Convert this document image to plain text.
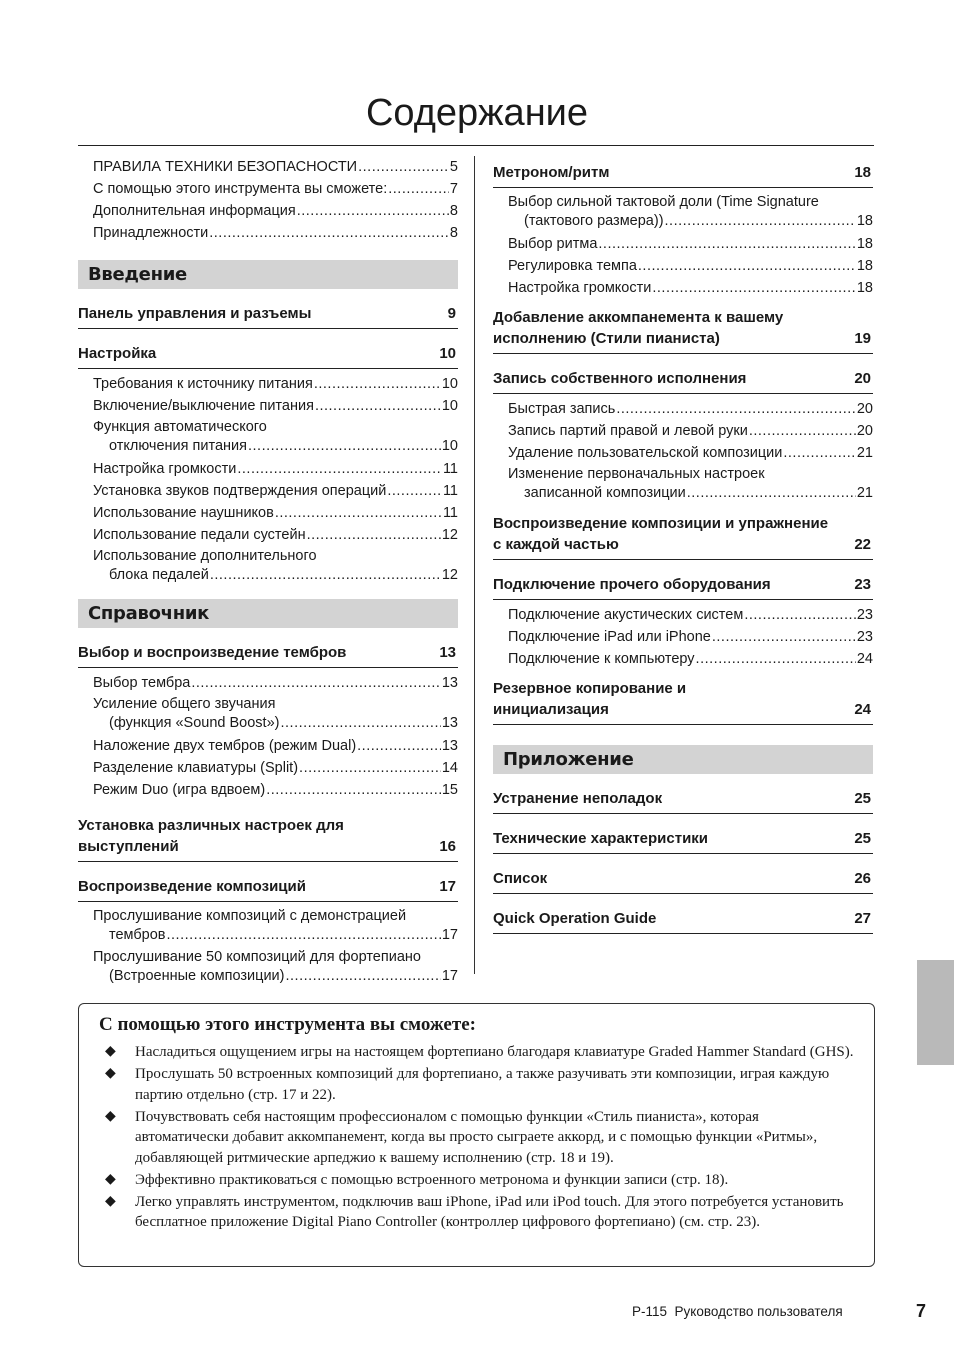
Содержание
ПРАВИЛА ТЕХНИКИ БЕЗОПАСНОСТИ .....	5
С помощью этого инструмента вы сможете: .....	7
Дополнительная информация .....	8
Принадлежности .....	8
Введение
Панель управления и разъемы	9
Настройка	10
Требования к источнику питания .....	10
Включение/выключение питания .....	10
Функция автоматического
отключения питания .....	10
Настройка громкости .....	11
Установка звуков подтверждения операций .....	11
Использование наушников .....	11
Использование педали сустейн .....	12
Использование дополнительного
блока педалей .....	12
Справочник
Выбор и воспроизведение тембров	13
Выбор тембра .....	13
Усиление общего звучания
(функция «Sound Boost») .....	13
Наложение двух тембров (режим Dual) .....	13
Разделение клавиатуры (Split) .....	14
Режим Duo (игра вдвоем) .....	15
Установка различных настроек для выступлений	16
Воспроизведение композиций	17
Прослушивание композиций с демонстрацией
тембров .....	17
Прослушивание 50 композиций для фортепиано
(Встроенные композиции) .....	17
Метроном/ритм	18
Выбор сильной тактовой доли (Time Signature
(тактового размера)) .....	18
Выбор ритма .....	18
Регулировка темпа .....	18
Настройка громкости .....	18
Добавление аккомпанемента к вашему исполнению (Стили пианиста)	19
Запись собственного исполнения	20
Быстрая запись .....	20
Запись партий правой и левой руки .....	20
Удаление пользовательской композиции .....	21
Изменение первоначальных настроек
записанной композиции .....	21
Воспроизведение композиции и упражнение с каждой частью	22
Подключение прочего оборудования	23
Подключение акустических систем .....	23
Подключение iPad или iPhone .....	23
Подключение к компьютеру .....	24
Резервное копирование и инициализация	24
Приложение
Устранение неполадок	25
Технические характеристики	25
Список	26
Quick Operation Guide	27
С помощью этого инструмента вы сможете:
◆	Насладиться ощущением игры на настоящем фортепиано благодаря клавиатуре Graded Hammer Standard (GHS).
◆	Прослушать 50 встроенных композиций для фортепиано, а также разучивать эти композиции, играя каждую партию отдельно (стр. 17 и 22).
◆	Почувствовать себя настоящим профессионалом с помощью функции «Стиль пианиста», которая автоматически добавит аккомпанемент, когда вы просто сыграете аккорд, и с помощью функции «Ритмы», добавляющей ритмические арпеджио к вашему исполнению (стр. 18 и 19).
◆	Эффективно практиковаться с помощью встроенного метронома и функции записи (стр. 18).
◆	Легко управлять инструментом, подключив ваш iPhone, iPad или iPod touch. Для этого потребуется установить бесплатное приложение Digital Piano Controller (контроллер цифрового фортепиано) (см. стр. 23).
P-115  Руководство пользователя	7
